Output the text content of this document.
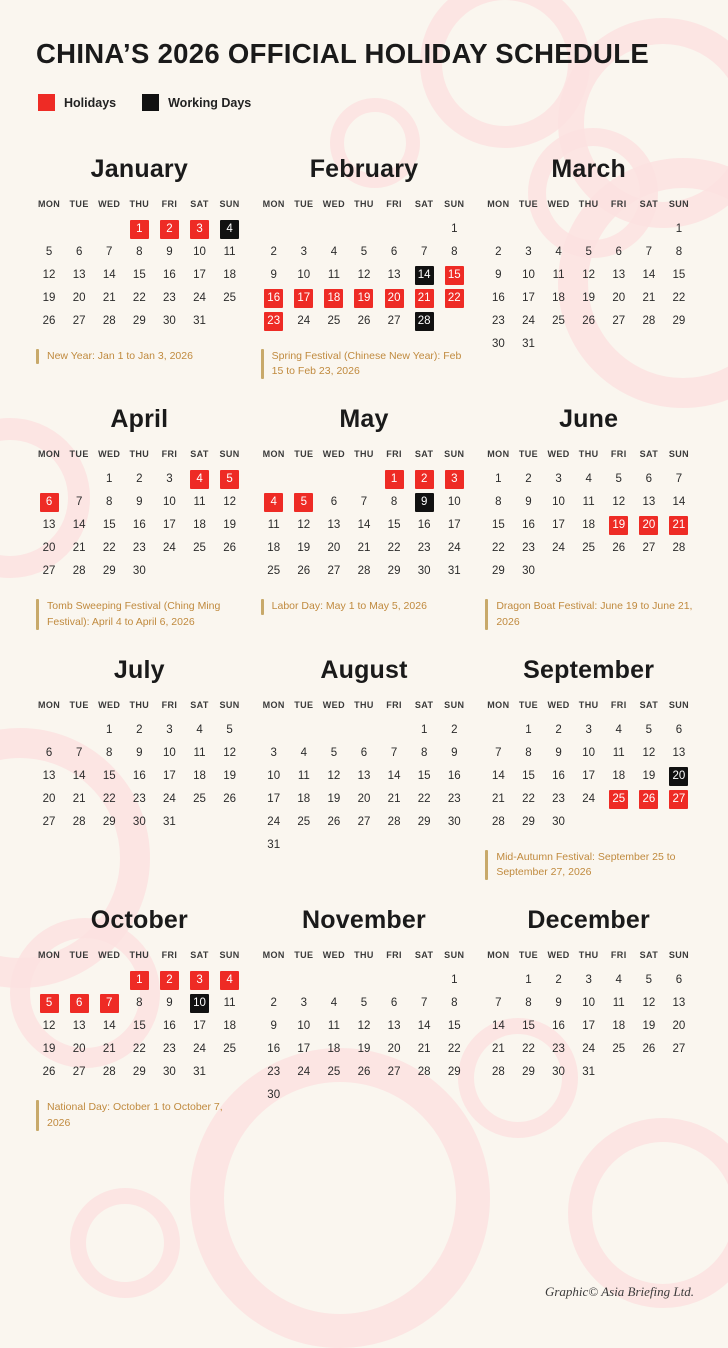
CHINA’S 2026 OFFICIAL HOLIDAY SCHEDULE
Holidays	Working Days
January
MON	TUE	WED	THU	FRI	SAT	SUN

			1	2	3	4

5	6	7	8	9	10	11

12	13	14	15	16	17	18

19	20	21	22	23	24	25

26	27	28	29	30	31	

New Year: Jan 1 to Jan 3, 2026
February
MON	TUE	WED	THU	FRI	SAT	SUN

						1

2	3	4	5	6	7	8

9	10	11	12	13	14	15

16	17	18	19	20	21	22

23	24	25	26	27	28	

Spring Festival (Chinese New Year): Feb 15 to Feb 23, 2026
March
MON	TUE	WED	THU	FRI	SAT	SUN

						1

2	3	4	5	6	7	8

9	10	11	12	13	14	15

16	17	18	19	20	21	22

23	24	25	26	27	28	29

30	31					

April
MON	TUE	WED	THU	FRI	SAT	SUN

		1	2	3	4	5

6	7	8	9	10	11	12

13	14	15	16	17	18	19

20	21	22	23	24	25	26

27	28	29	30			

Tomb Sweeping Festival (Ching Ming Festival): April 4 to April 6, 2026
May
MON	TUE	WED	THU	FRI	SAT	SUN

				1	2	3

4	5	6	7	8	9	10

11	12	13	14	15	16	17

18	19	20	21	22	23	24

25	26	27	28	29	30	31
Labor Day: May 1 to May 5, 2026
June
MON	TUE	WED	THU	FRI	SAT	SUN

1	2	3	4	5	6	7

8	9	10	11	12	13	14

15	16	17	18	19	20	21

22	23	24	25	26	27	28

29	30					

Dragon Boat Festival: June 19 to June 21, 2026
July
MON	TUE	WED	THU	FRI	SAT	SUN

		1	2	3	4	5

6	7	8	9	10	11	12

13	14	15	16	17	18	19

20	21	22	23	24	25	26

27	28	29	30	31		

August
MON	TUE	WED	THU	FRI	SAT	SUN

					1	2

3	4	5	6	7	8	9

10	11	12	13	14	15	16

17	18	19	20	21	22	23

24	25	26	27	28	29	30

31						

September
MON	TUE	WED	THU	FRI	SAT	SUN

	1	2	3	4	5	6

7	8	9	10	11	12	13

14	15	16	17	18	19	20

21	22	23	24	25	26	27

28	29	30				

Mid-Autumn Festival: September 25 to September 27, 2026
October
MON	TUE	WED	THU	FRI	SAT	SUN

			1	2	3	4

5	6	7	8	9	10	11

12	13	14	15	16	17	18

19	20	21	22	23	24	25

26	27	28	29	30	31	

National Day: October 1 to October 7, 2026
November
MON	TUE	WED	THU	FRI	SAT	SUN

						1

2	3	4	5	6	7	8

9	10	11	12	13	14	15

16	17	18	19	20	21	22

23	24	25	26	27	28	29

30						

December
MON	TUE	WED	THU	FRI	SAT	SUN

	1	2	3	4	5	6

7	8	9	10	11	12	13

14	15	16	17	18	19	20

21	22	23	24	25	26	27

28	29	30	31			

Graphic© Asia Briefing Ltd.
